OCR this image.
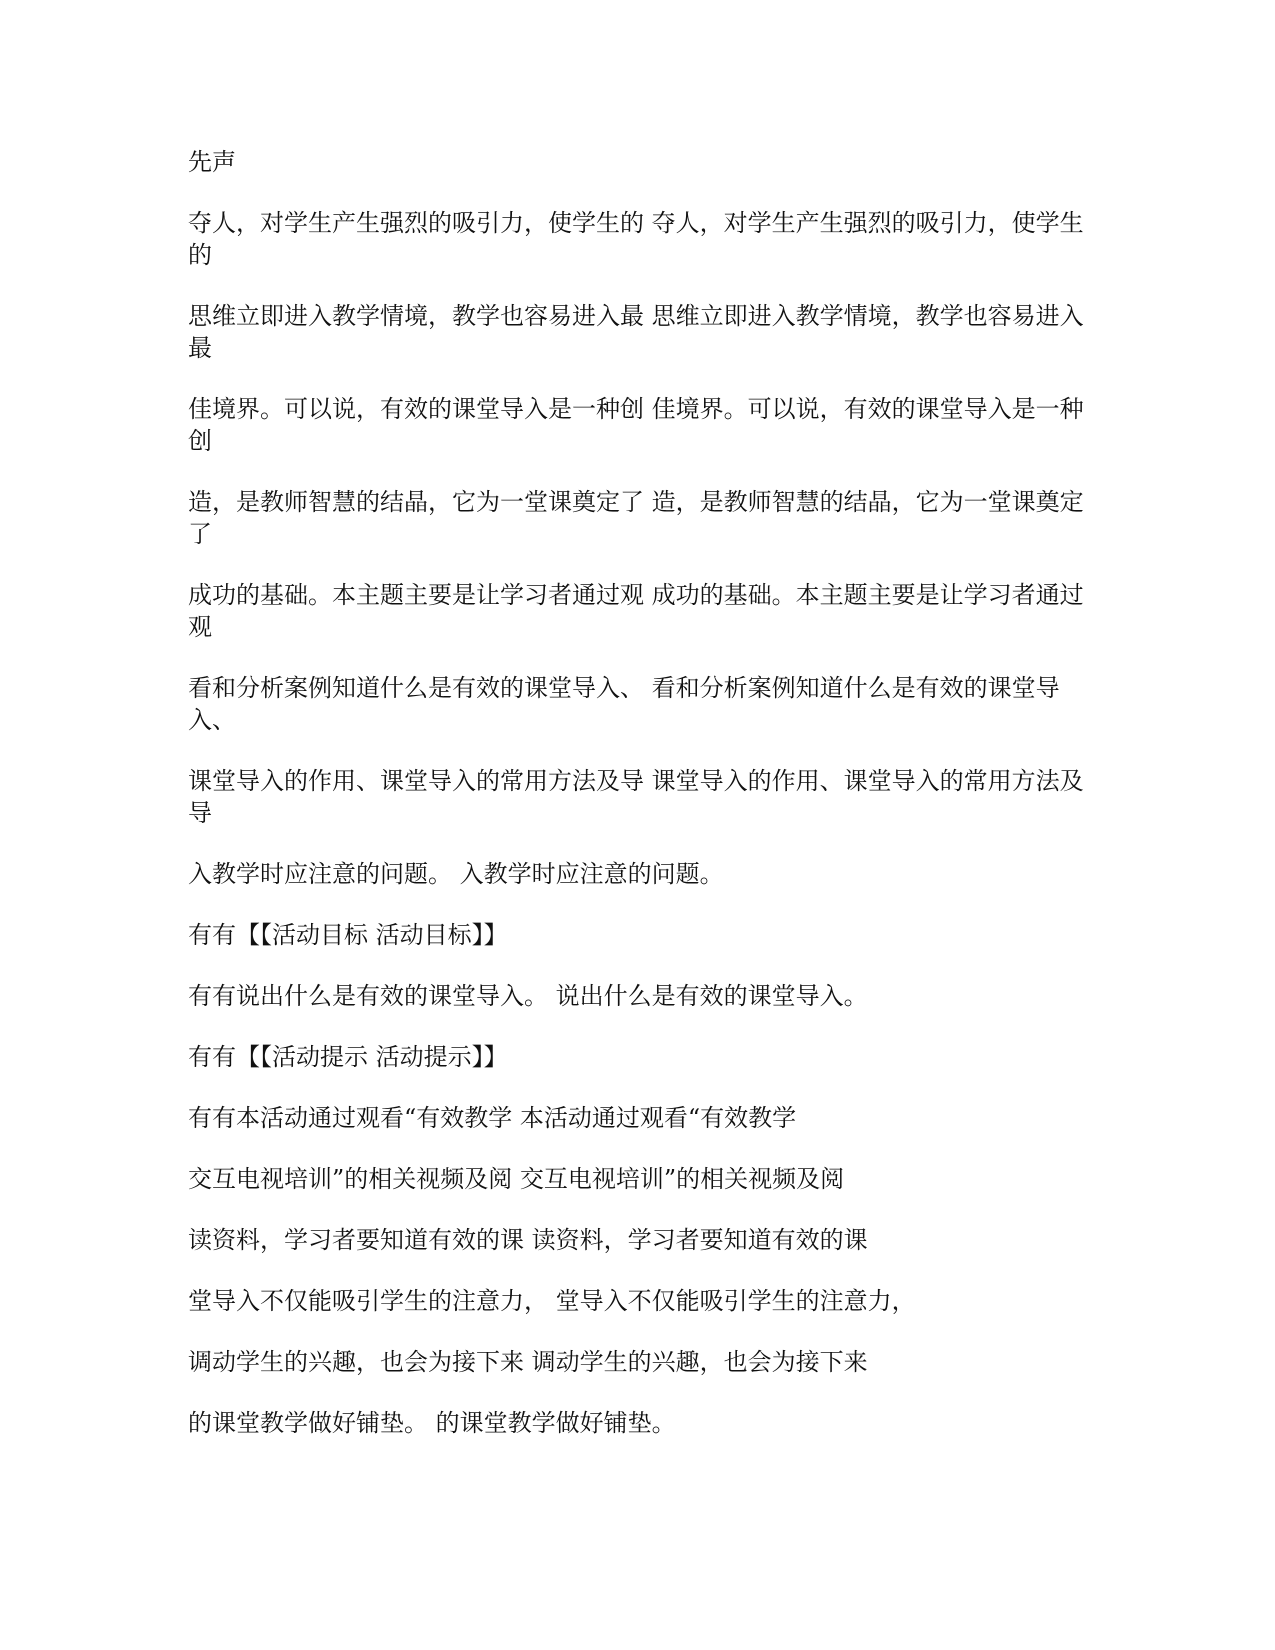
先声

夺人，对学生产生强烈的吸引力，使学生的 夺人，对学生产生强烈的吸引力，使学生的

思维立即进入教学情境，教学也容易进入最 思维立即进入教学情境，教学也容易进入最

佳境界。可以说，有效的课堂导入是一种创 佳境界。可以说，有效的课堂导入是一种创

造，是教师智慧的结晶，它为一堂课奠定了 造，是教师智慧的结晶，它为一堂课奠定了

成功的基础。本主题主要是让学习者通过观 成功的基础。本主题主要是让学习者通过观

看和分析案例知道什么是有效的课堂导入、 看和分析案例知道什么是有效的课堂导入、

课堂导入的作用、课堂导入的常用方法及导 课堂导入的作用、课堂导入的常用方法及导

入教学时应注意的问题。 入教学时应注意的问题。

有有【【活动目标 活动目标】】

有有说出什么是有效的课堂导入。 说出什么是有效的课堂导入。

有有【【活动提示 活动提示】】

有有本活动通过观看“有效教学 本活动通过观看“有效教学

交互电视培训”的相关视频及阅 交互电视培训”的相关视频及阅

读资料，学习者要知道有效的课 读资料，学习者要知道有效的课

堂导入不仅能吸引学生的注意力， 堂导入不仅能吸引学生的注意力，

调动学生的兴趣，也会为接下来 调动学生的兴趣，也会为接下来

的课堂教学做好铺垫。 的课堂教学做好铺垫。
